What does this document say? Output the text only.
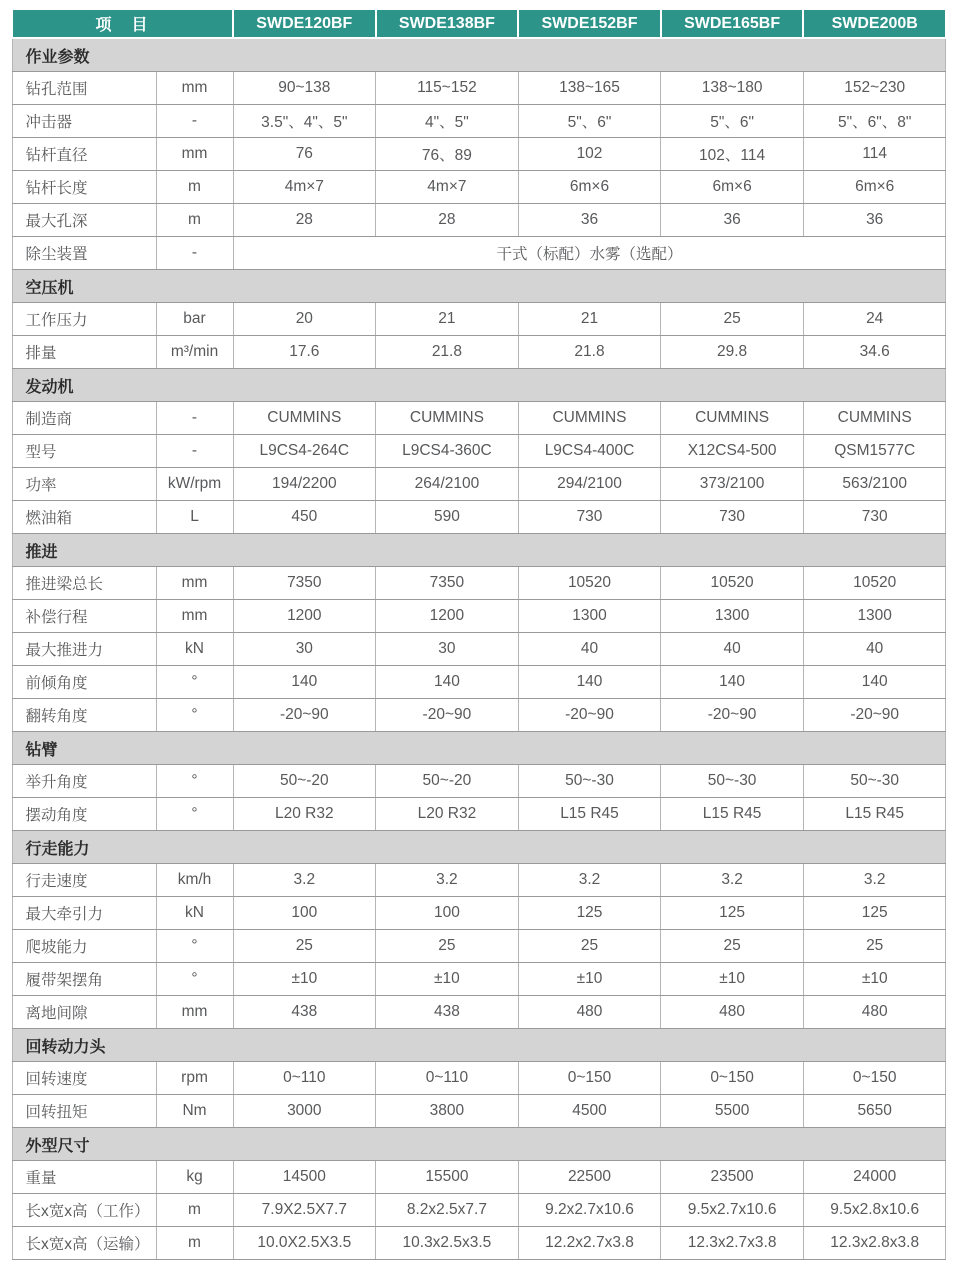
项　目		SWDE120BF	SWDE138BF	SWDE152BF	SWDE165BF	SWDE200B
作业参数						
钻孔范围	mm	90~138	115~152	138~165	138~180	152~230
冲击器	-	3.5"、4"、5"	4"、5"	5"、6"	5"、6"	5"、6"、8"
钻杆直径	mm	76	76、89	102	102、114	114
钻杆长度	m	4m×7	4m×7	6m×6	6m×6	6m×6
最大孔深	m	28	28	36	36	36
除尘装置	-	干式（标配）水雾（选配）				
空压机						
工作压力	bar	20	21	21	25	24
排量	m³/min	17.6	21.8	21.8	29.8	34.6
发动机						
制造商	-	CUMMINS	CUMMINS	CUMMINS	CUMMINS	CUMMINS
型号	-	L9CS4-264C	L9CS4-360C	L9CS4-400C	X12CS4-500	QSM1577C
功率	kW/rpm	194/2200	264/2100	294/2100	373/2100	563/2100
燃油箱	L	450	590	730	730	730
推进						
推进梁总长	mm	7350	7350	10520	10520	10520
补偿行程	mm	1200	1200	1300	1300	1300
最大推进力	kN	30	30	40	40	40
前倾角度	°	140	140	140	140	140
翻转角度	°	-20~90	-20~90	-20~90	-20~90	-20~90
钻臂						
举升角度	°	50~-20	50~-20	50~-30	50~-30	50~-30
摆动角度	°	L20 R32	L20 R32	L15 R45	L15 R45	L15 R45
行走能力						
行走速度	km/h	3.2	3.2	3.2	3.2	3.2
最大牵引力	kN	100	100	125	125	125
爬坡能力	°	25	25	25	25	25
履带架摆角	°	±10	±10	±10	±10	±10
离地间隙	mm	438	438	480	480	480
回转动力头						
回转速度	rpm	0~110	0~110	0~150	0~150	0~150
回转扭矩	Nm	3000	3800	4500	5500	5650
外型尺寸						
重量	kg	14500	15500	22500	23500	24000
长x宽x高（工作）	m	7.9X2.5X7.7	8.2x2.5x7.7	9.2x2.7x10.6	9.5x2.7x10.6	9.5x2.8x10.6
长x宽x高（运输）	m	10.0X2.5X3.5	10.3x2.5x3.5	12.2x2.7x3.8	12.3x2.7x3.8	12.3x2.8x3.8
